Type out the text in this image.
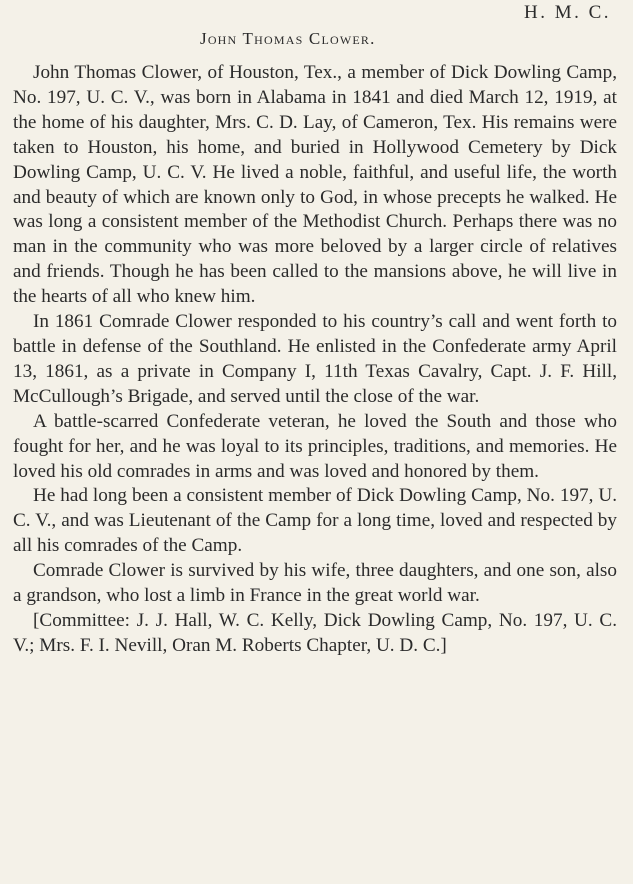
H. M. C.
John Thomas Clower.

John Thomas Clower, of Houston, Tex., a member of Dick Dowling Camp, No. 197, U. C. V., was born in Alabama in 1841 and died March 12, 1919, at the home of his daughter, Mrs. C. D. Lay, of Cameron, Tex. His remains were taken to Houston, his home, and buried in Hollywood Cemetery by Dick Dowling Camp, U. C. V. He lived a noble, faithful, and useful life, the worth and beauty of which are known only to God, in whose precepts he walked. He was long a consistent member of the Methodist Church. Perhaps there was no man in the community who was more beloved by a larger circle of relatives and friends. Though he has been called to the mansions above, he will live in the hearts of all who knew him.

In 1861 Comrade Clower responded to his country’s call and went forth to battle in defense of the Southland. He enlisted in the Confederate army April 13, 1861, as a private in Company I, 11th Texas Cavalry, Capt. J. F. Hill, McCullough’s Brigade, and served until the close of the war.

A battle-scarred Confederate veteran, he loved the South and those who fought for her, and he was loyal to its principles, traditions, and memories. He loved his old comrades in arms and was loved and honored by them.

He had long been a consistent member of Dick Dowling Camp, No. 197, U. C. V., and was Lieutenant of the Camp for a long time, loved and respected by all his comrades of the Camp.

Comrade Clower is survived by his wife, three daughters, and one son, also a grandson, who lost a limb in France in the great world war.

[Committee: J. J. Hall, W. C. Kelly, Dick Dowling Camp, No. 197, U. C. V.; Mrs. F. I. Nevill, Oran M. Roberts Chapter, U. D. C.]
